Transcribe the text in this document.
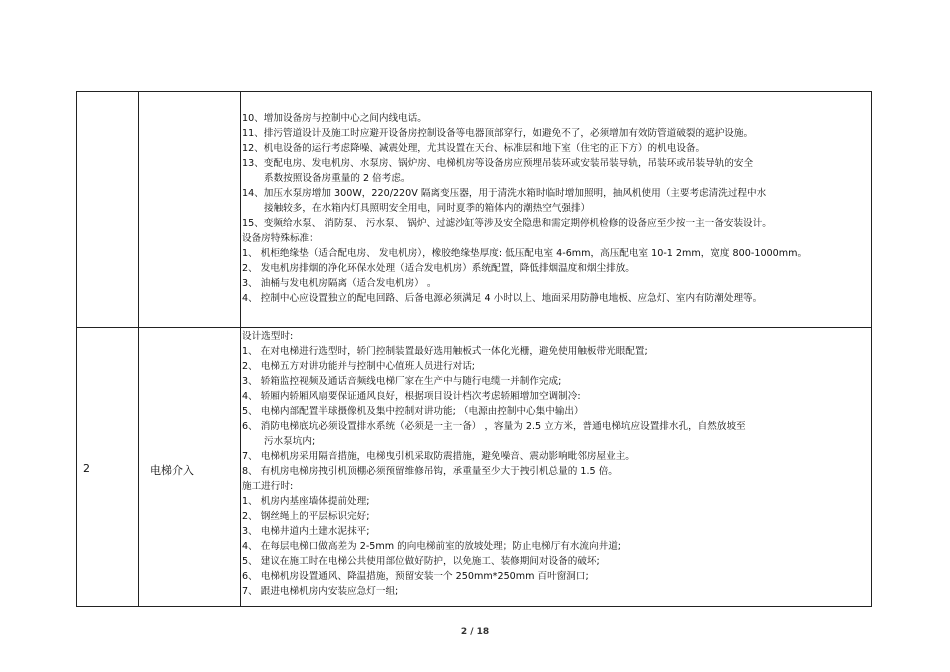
10、增加设备房与控制中心之间内线电话。
11、排污管道设计及施工时应避开设备房控制设备等电器顶部穿行，如避免不了，必须增加有效防管道破裂的遮护设施。
12、机电设备的运行考虑降噪、减震处理，尤其设置在天台、标准层和地下室（住宅的正下方）的机电设备。
13、变配电房、发电机房、水泵房、锅炉房、电梯机房等设备房应预埋吊装环或安装吊装导轨，吊装环或吊装导轨的安全
系数按照设备房重量的 2 倍考虑。
14、加压水泵房增加 300W，220/220V 隔离变压器，用于清洗水箱时临时增加照明，抽风机使用（主要考虑清洗过程中水
接触较多，在水箱内灯具照明安全用电，同时夏季的箱体内的潮热空气强排）
15、变频给水泵、 消防泵、 污水泵、 锅炉、过滤沙缸等涉及安全隐患和需定期停机检修的设备应至少按一主一备安装设计。
设备房特殊标准：
1、 机柜绝缘垫（适合配电房、 发电机房），橡胶绝缘垫厚度: 低压配电室 4-6mm，高压配电室 10-1 2mm，宽度 800-1000mm。
2、 发电机房排烟的净化环保水处理（适合发电机房）系统配置，降低排烟温度和烟尘排放。
3、 油桶与发电机房隔离（适合发电机房） 。
4、 控制中心应设置独立的配电回路、后备电源必须满足 4 小时以上、地面采用防静电地板、应急灯、室内有防潮处理等。
2	电梯介入
设计选型时:
1、 在对电梯进行选型时，轿门控制装置最好选用触板式一体化光栅，避免使用触板带光眼配置;
2、 电梯五方对讲功能并与控制中心值班人员进行对话;
3、 轿箱监控视频及通话音频线电梯厂家在生产中与随行电缆一并制作完成;
4、 轿厢内轿厢风扇要保证通风良好，根据项目设计档次考虑轿厢增加空调制冷:
5、 电梯内部配置半球摄像机及集中控制对讲功能; （电源由控制中心集中输出）
6、 消防电梯底坑必须设置排水系统（必须是一主一备） ，容量为 2.5 立方米，普通电梯坑应设置排水孔，自然放坡至
污水泵坑内;
7、 电梯机房采用隔音措施，电梯曳引机采取防震措施，避免噪音、震动影响毗邻房屋业主。
8、 有机房电梯房拽引机顶棚必须预留维修吊钩，承重量至少大于拽引机总量的 1.5 倍。
施工进行时:
1、 机房内基座墙体提前处理;
2、 钢丝绳上的平层标识完好;
3、 电梯井道内土建水泥抹平;
4、 在每层电梯口做高差为 2-5mm 的向电梯前室的放坡处理；防止电梯厅有水流向井道;
5、 建议在施工时在电梯公共使用部位做好防护，以免施工、装修期间对设备的破坏;
6、 电梯机房设置通风、降温措施，预留安装一个 250mm*250mm 百叶窗洞口;
7、 跟进电梯机房内安装应急灯一组;
2 / 18
